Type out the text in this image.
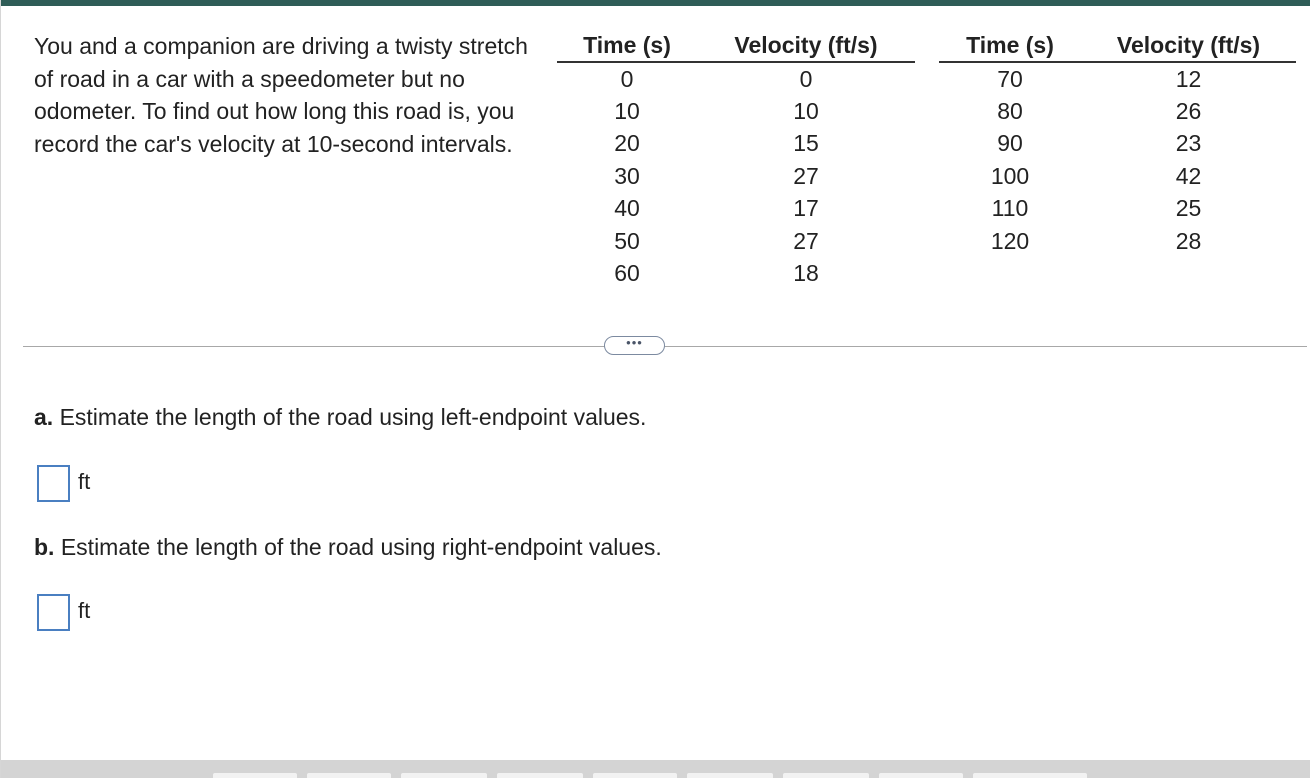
You and a companion are driving a twisty stretch of road in a car with a speedometer but no odometer. To find out how long this road is, you record the car's velocity at 10-second intervals.

Time (s)	Velocity (ft/s)
0	0
10	10
20	15
30	27
40	17
50	27
60	18
Time (s)	Velocity (ft/s)
70	12
80	26
90	23
100	42
110	25
120	28
•••

a. Estimate the length of the road using left-endpoint values.

ft

b. Estimate the length of the road using right-endpoint values.

ft
